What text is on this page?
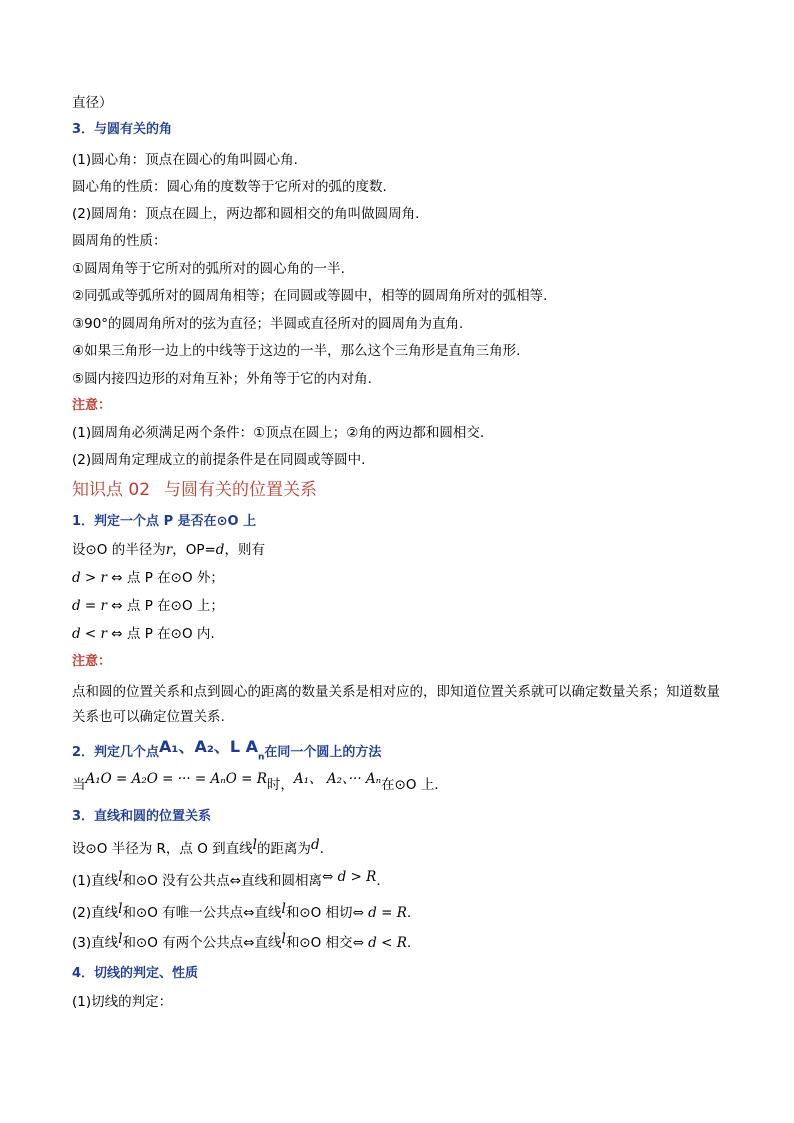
直径）
3．与圆有关的角
(1)圆心角：顶点在圆心的角叫圆心角.
圆心角的性质：圆心角的度数等于它所对的弧的度数.
(2)圆周角：顶点在圆上，两边都和圆相交的角叫做圆周角.
圆周角的性质：
①圆周角等于它所对的弧所对的圆心角的一半.
②同弧或等弧所对的圆周角相等；在同圆或等圆中，相等的圆周角所对的弧相等.
③90°的圆周角所对的弦为直径；半圆或直径所对的圆周角为直角.
④如果三角形一边上的中线等于这边的一半，那么这个三角形是直角三角形.
⑤圆内接四边形的对角互补；外角等于它的内对角.
注意：
(1)圆周角必须满足两个条件：①顶点在圆上；②角的两边都和圆相交.
(2)圆周角定理成立的前提条件是在同圆或等圆中.
知识点 02 与圆有关的位置关系
1．判定一个点 P 是否在⊙O 上
设⊙O 的半径为r，OP=d，则有
d > r ⇔ 点 P 在⊙O 外；
d = r ⇔ 点 P 在⊙O 上；
d < r ⇔ 点 P 在⊙O 内.
注意：
点和圆的位置关系和点到圆心的距离的数量关系是相对应的，即知道位置关系就可以确定数量关系；知道数量关系也可以确定位置关系.
2．判定几个点A₁、A₂、L $A_n$在同一个圆上的方法
当A₁O = A₂O = ··· = AₙO = R时，A₁、 A₂、··· Aₙ在⊙O 上.
3．直线和圆的位置关系
设⊙O 半径为 R，点 O 到直线l的距离为d.
(1)直线l和⊙O 没有公共点⇔直线和圆相离⇔ d > R.
(2)直线l和⊙O 有唯一公共点⇔直线l和⊙O 相切⇔ d = R.
(3)直线l和⊙O 有两个公共点⇔直线l和⊙O 相交⇔ d < R.
4．切线的判定、性质
(1)切线的判定：
